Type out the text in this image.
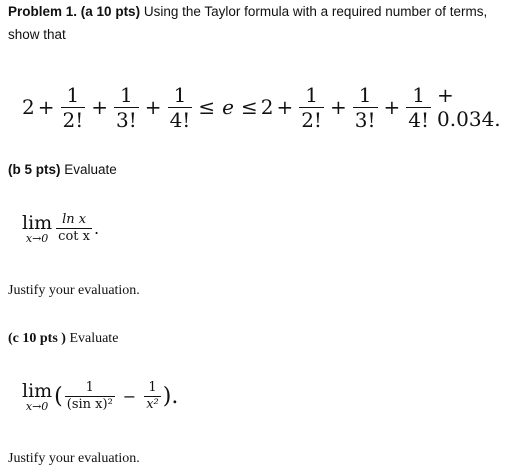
Problem 1. (a 10 pts) Using the Taylor formula with a required number of terms,
show that
$2 + \frac{1}{2!} + \frac{1}{3!} + \frac{1}{4!} \le e \le 2 + \frac{1}{2!} + \frac{1}{3!} + \frac{1}{4!} + 0.034$.
(b 5 pts) Evaluate
lim
$x\to 0 \frac{\text{ln x}}{\text{cot x}}$ .
Justify your evaluation.
(c 10 pts ) Evaluate
lim
x→0 ( $\frac{1}{\text{(sin x)²}} - \frac{1}{\text{x²}}$ ).
Justify your evaluation.
